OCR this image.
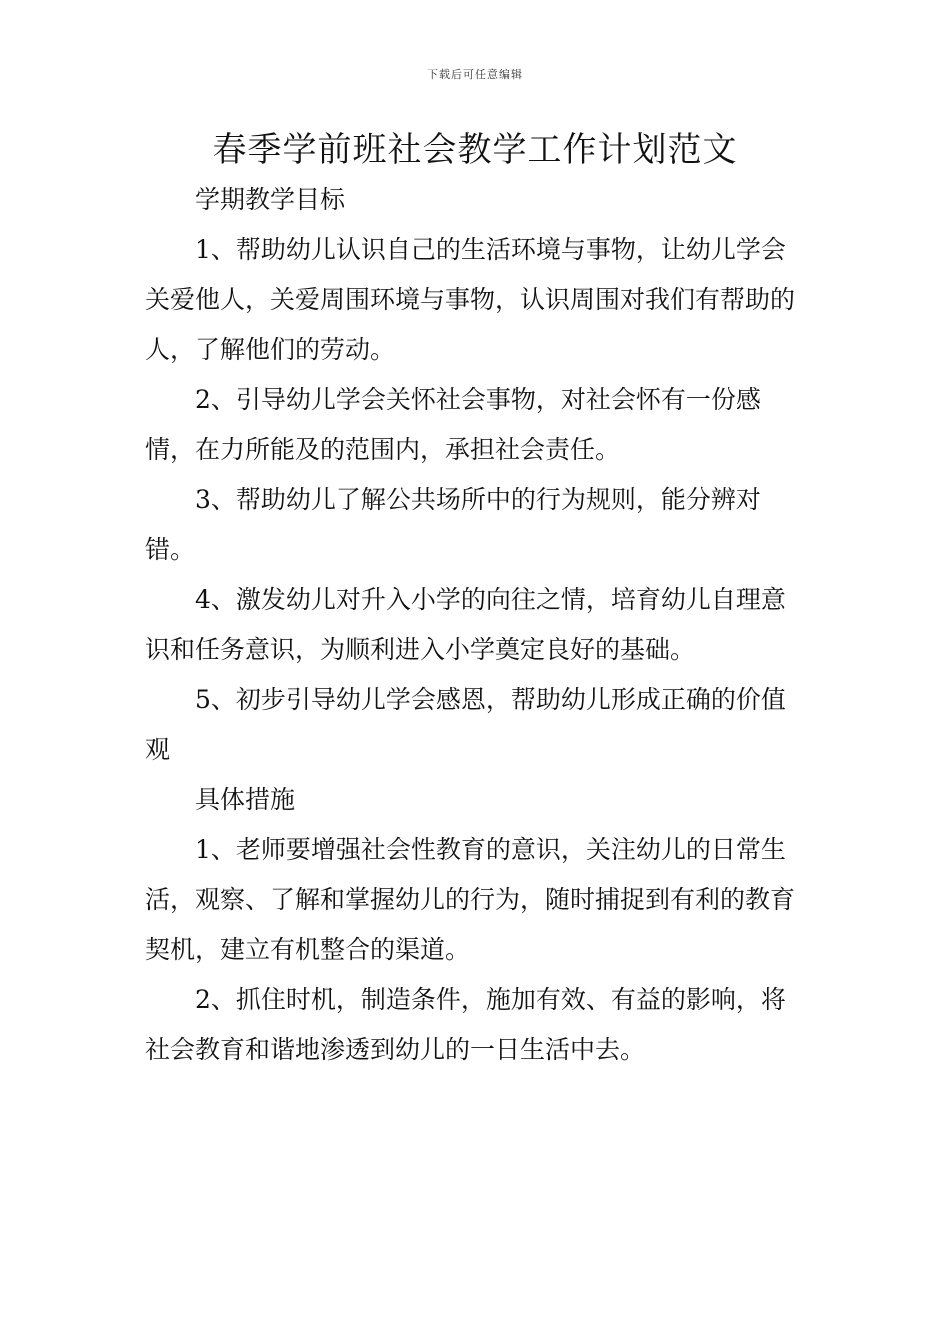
下载后可任意编辑
春季学前班社会教学工作计划范文

学期教学目标

1、帮助幼儿认识自己的生活环境与事物，让幼儿学会关爱他人，关爱周围环境与事物，认识周围对我们有帮助的人，了解他们的劳动。

2、引导幼儿学会关怀社会事物，对社会怀有一份感情，在力所能及的范围内，承担社会责任。

3、帮助幼儿了解公共场所中的行为规则，能分辨对错。

4、激发幼儿对升入小学的向往之情，培育幼儿自理意识和任务意识，为顺利进入小学奠定良好的基础。

5、初步引导幼儿学会感恩，帮助幼儿形成正确的价值观

具体措施

1、老师要增强社会性教育的意识，关注幼儿的日常生活，观察、了解和掌握幼儿的行为，随时捕捉到有利的教育契机，建立有机整合的渠道。

2、抓住时机，制造条件，施加有效、有益的影响，将社会教育和谐地渗透到幼儿的一日生活中去。
